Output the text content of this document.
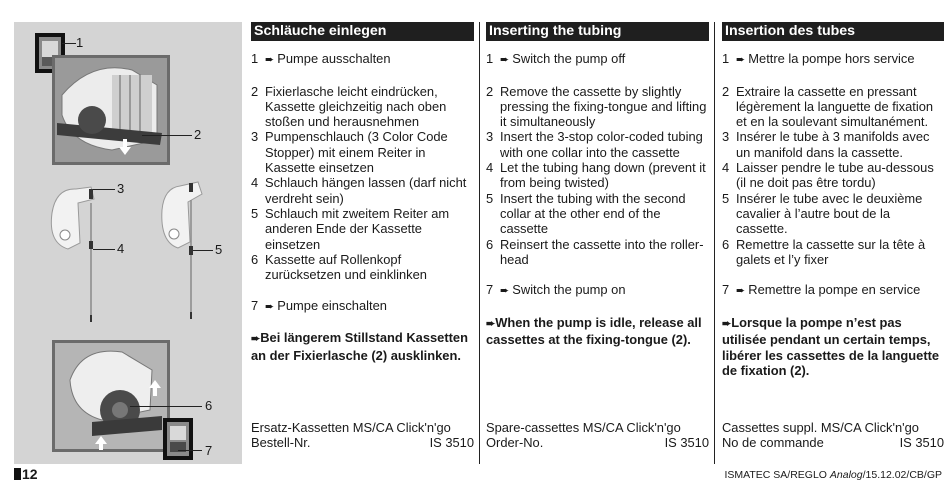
1
2
3
4	5
6
7
Schläuche einlegen
1 ➨ Pumpe ausschalten
2 Fixierlasche leicht eindrücken, Kassette gleichzeitig nach oben stoßen und herausnehmen
3 Pumpenschlauch (3 Color Code Stopper) mit einem Reiter in Kassette einsetzen
4 Schlauch hängen lassen (darf nicht verdreht sein)
5 Schlauch mit zweitem Reiter am anderen Ende der Kassette einsetzen
6 Kassette auf Rollenkopf zurücksetzen und einklinken
7 ➨ Pumpe einschalten
➨Bei längerem Stillstand Kassetten an der Fixierlasche (2) ausklinken.
Ersatz-Kassetten MS/CA Click'n'go
Bestell-Nr.	IS 3510
Inserting the tubing
1 ➨ Switch the pump off
2 Remove the cassette by slightly pressing the fixing-tongue and lifting it simultaneously
3 Insert the 3-stop color-coded tubing with one collar into the cassette
4 Let the tubing hang down (prevent it from being twisted)
5 Insert the tubing with the second collar at the other end of the cassette
6 Reinsert the cassette into the roller-head
7 ➨ Switch the pump on
➨When the pump is idle, release all cassettes at the fixing-tongue (2).
Spare-cassettes MS/CA Click'n'go
Order-No.	IS 3510
Insertion des tubes
1 ➨ Mettre la pompe hors service
2 Extraire la cassette en pressant légèrement la languette de fixation et en la soulevant simultanément.
3 Insérer le tube à 3 manifolds avec un manifold dans la cassette.
4 Laisser pendre le tube au-dessous (il ne doit pas être tordu)
5 Insérer le tube avec le deuxième cavalier à l’autre bout de la cassette.
6 Remettre la cassette sur la tête à galets et l’y fixer
7 ➨ Remettre la pompe en service
➨Lorsque la pompe n’est pas utilisée pendant un certain temps, libérer les cassettes de la languette de fixation (2).
Cassettes suppl. MS/CA Click'n'go
No de commande	IS 3510
12	ISMATEC SA/REGLO Analog/15.12.02/CB/GP
